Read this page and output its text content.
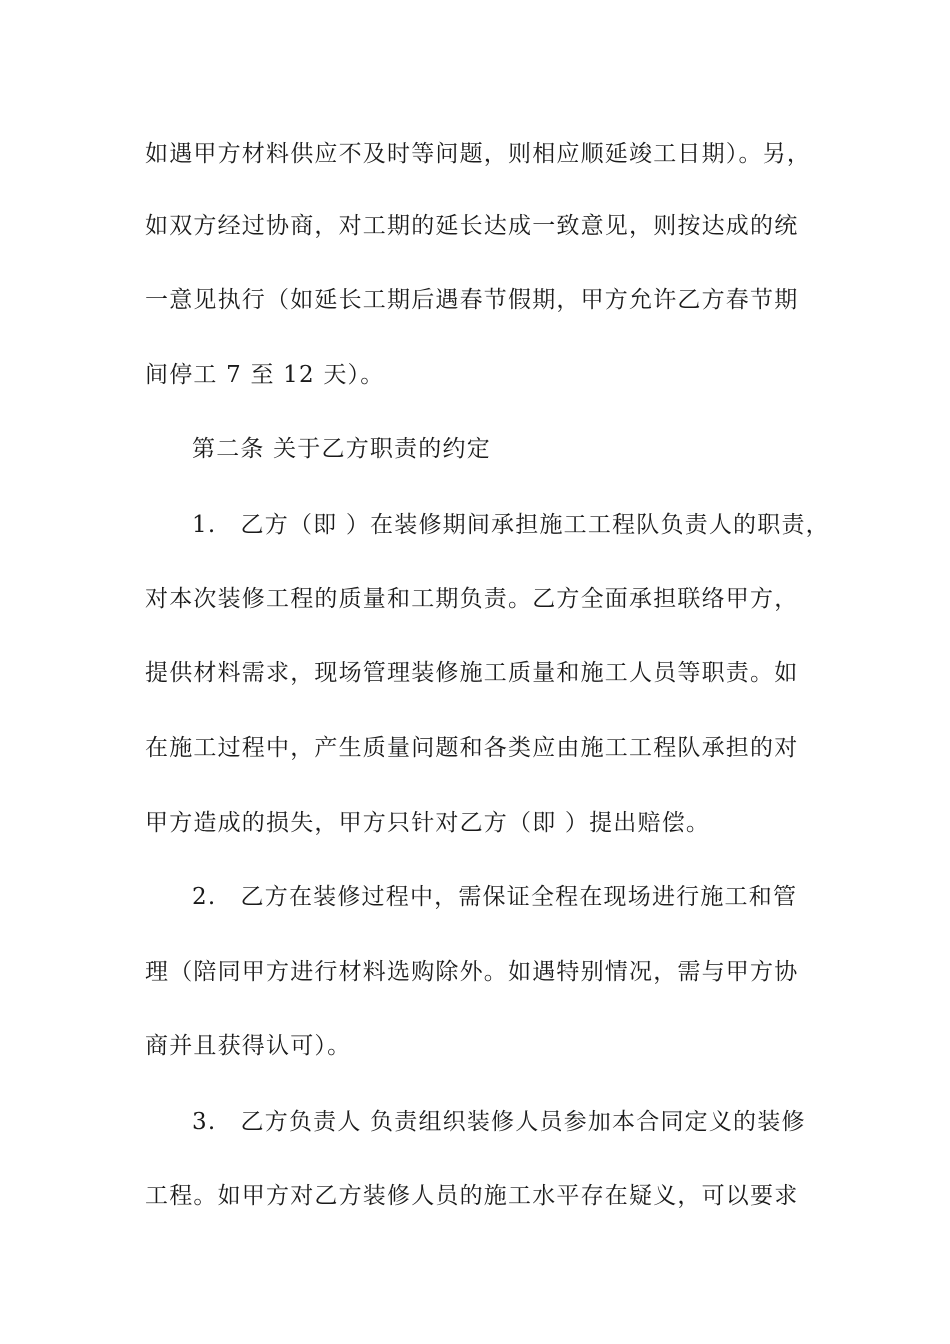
如遇甲方材料供应不及时等问题，则相应顺延竣工日期）。另，
如双方经过协商，对工期的延长达成一致意见，则按达成的统
一意见执行（如延长工期后遇春节假期，甲方允许乙方春节期
间停工 7 至 12 天）。
第二条 关于乙方职责的约定
1.　乙方（即 ）在装修期间承担施工工程队负责人的职责，
对本次装修工程的质量和工期负责。乙方全面承担联络甲方，
提供材料需求，现场管理装修施工质量和施工人员等职责。如
在施工过程中，产生质量问题和各类应由施工工程队承担的对
甲方造成的损失，甲方只针对乙方（即 ）提出赔偿。
2.　乙方在装修过程中，需保证全程在现场进行施工和管
理（陪同甲方进行材料选购除外。如遇特别情况，需与甲方协
商并且获得认可）。
3.　乙方负责人 负责组织装修人员参加本合同定义的装修
工程。如甲方对乙方装修人员的施工水平存在疑义，可以要求
